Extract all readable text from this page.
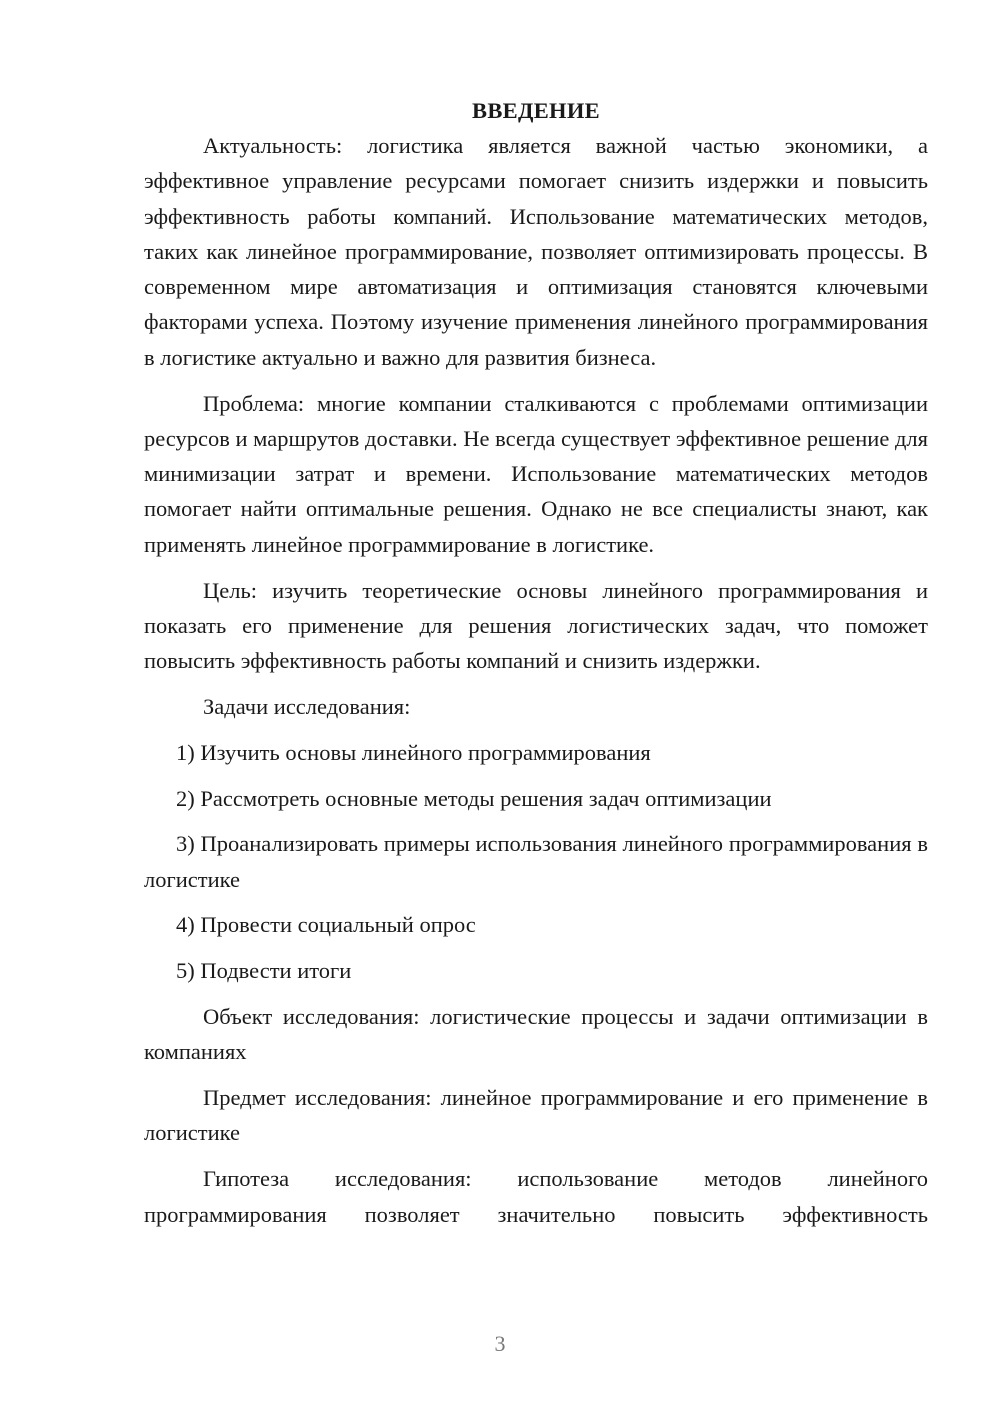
ВВЕДЕНИЕ

Актуальность: логистика является важной частью экономики, а эффективное управление ресурсами помогает снизить издержки и повысить эффективность работы компаний. Использование математических методов, таких как линейное программирование, позволяет оптимизировать процессы. В современном мире автоматизация и оптимизация становятся ключевыми факторами успеха. Поэтому изучение применения линейного программирования в логистике актуально и важно для развития бизнеса.

Проблема: многие компании сталкиваются с проблемами оптимизации ресурсов и маршрутов доставки. Не всегда существует эффективное решение для минимизации затрат и времени. Использование математических методов помогает найти оптимальные решения. Однако не все специалисты знают, как применять линейное программирование в логистике.

Цель: изучить теоретические основы линейного программирования и показать его применение для решения логистических задач, что поможет повысить эффективность работы компаний и снизить издержки.

Задачи исследования:

1) Изучить основы линейного программирования

2) Рассмотреть основные методы решения задач оптимизации

3) Проанализировать примеры использования линейного программирования в логистике

4) Провести социальный опрос

5) Подвести итоги

Объект исследования: логистические процессы и задачи оптимизации в компаниях

Предмет исследования: линейное программирование и его применение в логистике

Гипотеза исследования: использование методов линейного программирования позволяет значительно повысить эффективность

3
